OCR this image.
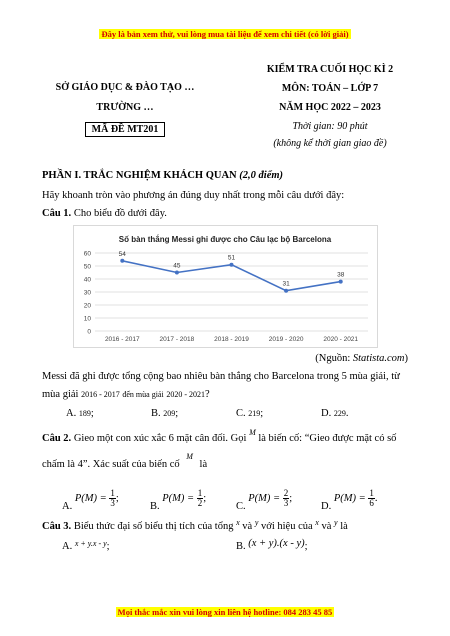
Đây là bản xem thử, vui lòng mua tài liệu để xem chi tiết (có lời giải)
SỞ GIÁO DỤC & ĐÀO TẠO …
TRƯỜNG …
MÃ ĐỀ MT201
KIỂM TRA CUỐI HỌC KÌ 2
MÔN: TOÁN – LỚP 7
NĂM HỌC 2022 – 2023
Thời gian: 90 phút
(không kể thời gian giao đề)
PHẦN I. TRẮC NGHIỆM KHÁCH QUAN (2,0 điểm)
Hãy khoanh tròn vào phương án đúng duy nhất trong mỗi câu dưới đây:
Câu 1. Cho biểu đồ dưới đây.
Số bàn thắng Messi ghi được cho Câu lạc bộ Barcelona
0
10
20
30
40
50
60
2016 - 2017	2017 - 2018	2018 - 2019	2019 - 2020	2020 - 2021
54
45
51
31
38
(Nguồn: Statista.com)
Messi đã ghi được tổng cộng bao nhiêu bàn thắng cho Barcelona trong 5 mùa giải, từ
mùa giải 2016 - 2017 đến mùa giải 2020 - 2021?
A. 189;	B. 209;	C. 219;	D. 229.
Câu 2. Gieo một con xúc xắc 6 mặt cân đối. Gọi $^M$ là biến cố: “Gieo được mặt có số
chấm là 4”. Xác suất của biến cố $^M$ là
A. $P(M) = \frac{1}{3}$ ;
B. $P(M) = \frac{1}{2}$ ;
C. $P(M) = \frac{2}{3}$ ;
D. $P(M) = \frac{1}{6}$ .
Câu 3. Biểu thức đại số biểu thị tích của tổng $^x$ và $^y$ với hiệu của $^x$ và $^y$ là
A. $^{x + y.x - y}$;	B. (x + y).(x - y);
Mọi thắc mắc xin vui lòng xin liên hệ hotline: 084 283 45 85
